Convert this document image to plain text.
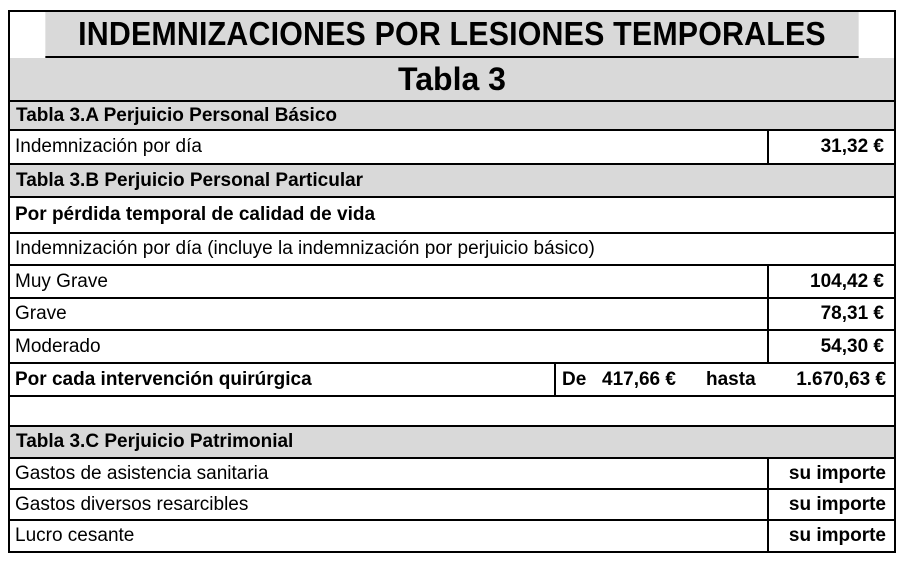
INDEMNIZACIONES POR LESIONES TEMPORALES
Tabla 3
Tabla 3.A Perjuicio Personal Básico
Indemnización por día	31,32 €
Tabla 3.B Perjuicio Personal Particular
Por pérdida temporal de calidad de vida
Indemnización por día (incluye la indemnización por perjuicio básico)
Muy Grave	104,42 €
Grave	78,31 €
Moderado	54,30 €
Por cada intervención quirúrgica	De 417,66 €	hasta	1.670,63 €
Tabla 3.C Perjuicio Patrimonial
Gastos de asistencia sanitaria	su importe
Gastos diversos resarcibles	su importe
Lucro cesante	su importe
